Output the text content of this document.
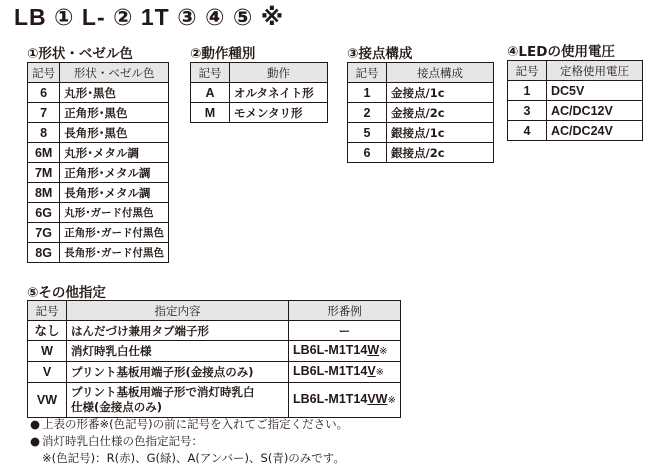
LB ① L- ② 1T ③ ④ ⑤ ※
①形状・ベゼル色
記号	形状・ベゼル色
6	丸形･黒色
7	正角形･黒色
8	長角形･黒色
6M	丸形･メタル調
7M	正角形･メタル調
8M	長角形･メタル調
6G	丸形･ガード付黒色
7G	正角形･ガード付黒色
8G	長角形･ガード付黒色
②動作種別
記号	動作
A	オルタネイト形
M	モメンタリ形
③接点構成
記号	接点構成
1	金接点/1c
2	金接点/2c
5	銀接点/1c
6	銀接点/2c
④LEDの使用電圧
記号	定格使用電圧
1	DC5V
3	AC/DC12V
4	AC/DC24V
⑤その他指定
記号	指定内容	形番例
なし	はんだづけ兼用タブ端子形	ー
W	消灯時乳白仕様	LB6L-M1T14W※
V	プリント基板用端子形(金接点のみ)	LB6L-M1T14V※
VW	プリント基板用端子形で消灯時乳白
仕様(金接点のみ)	LB6L-M1T14VW※
● 上表の形番※(色記号)の前に記号を入れてご指定ください。
● 消灯時乳白仕様の色指定記号：
※(色記号)：R(赤)、G(緑)、A(アンバー)、S(青)のみです。
